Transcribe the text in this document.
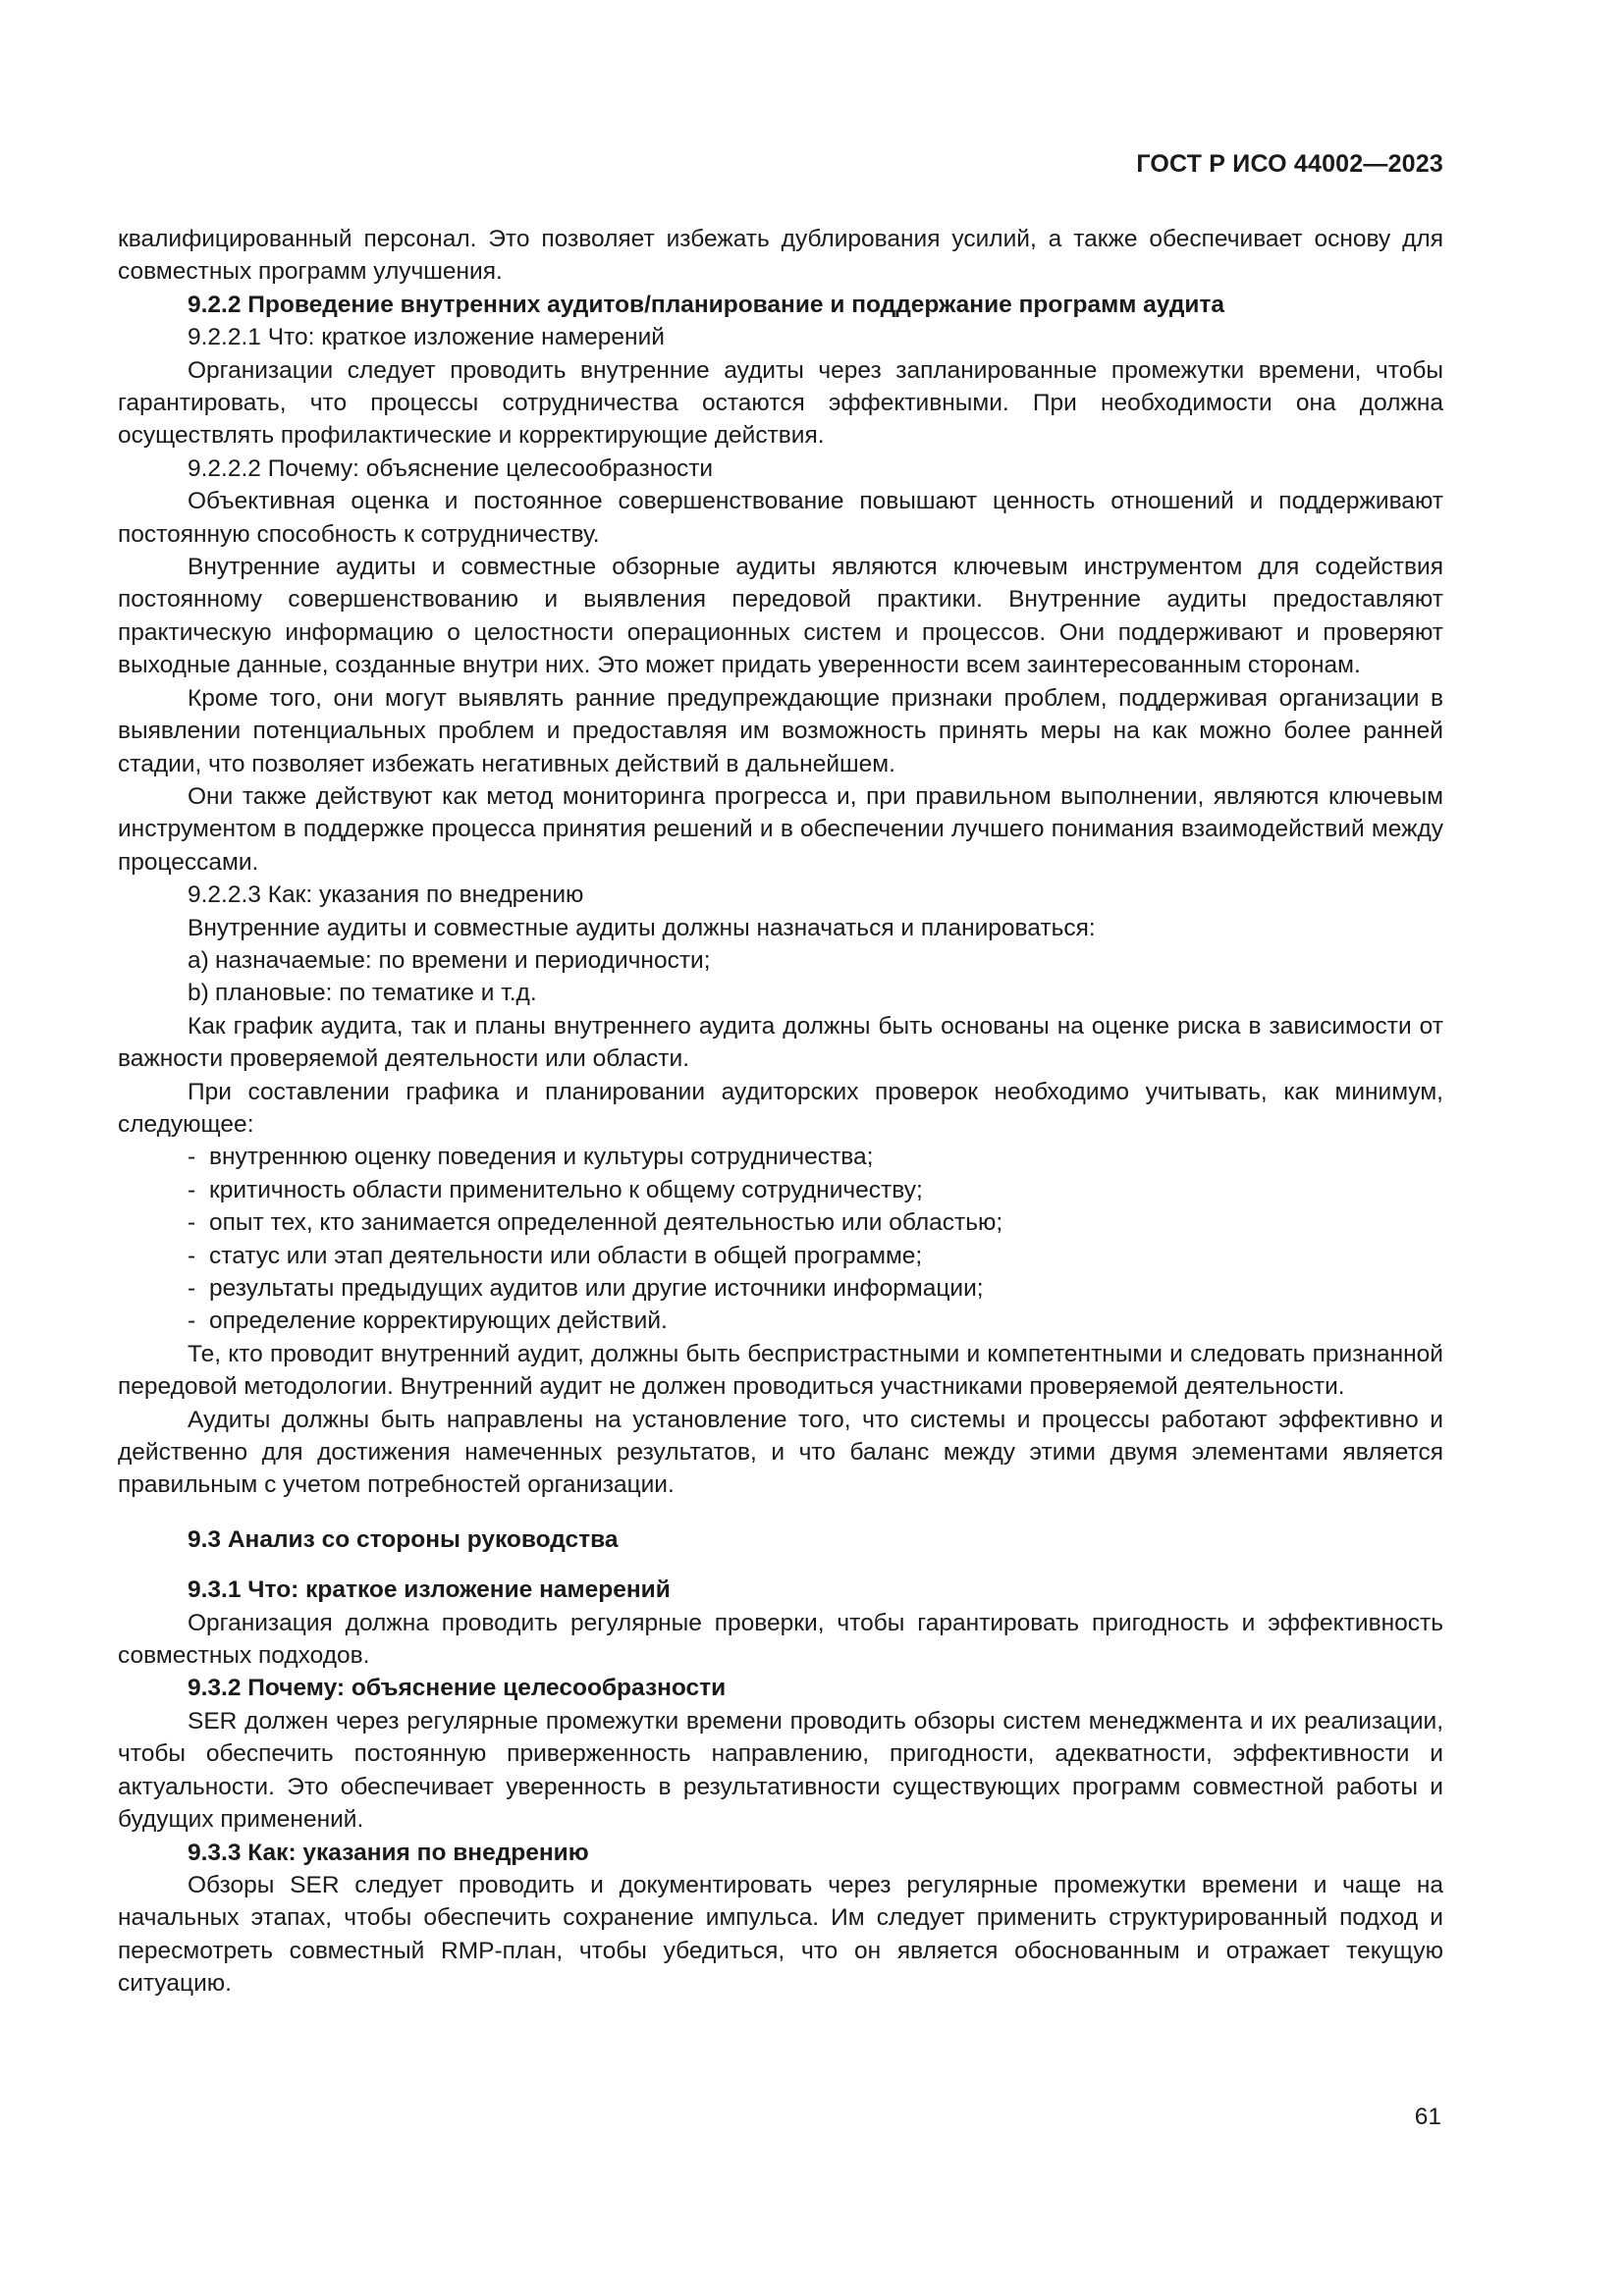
ГОСТ Р ИСО 44002—2023

квалифицированный персонал. Это позволяет избежать дублирования усилий, а также обеспечивает основу для совместных программ улучшения.

9.2.2 Проведение внутренних аудитов/планирование и поддержание программ аудита

9.2.2.1 Что: краткое изложение намерений

Организации следует проводить внутренние аудиты через запланированные промежутки времени, чтобы гарантировать, что процессы сотрудничества остаются эффективными. При необходимости она должна осуществлять профилактические и корректирующие действия.

9.2.2.2 Почему: объяснение целесообразности

Объективная оценка и постоянное совершенствование повышают ценность отношений и поддерживают постоянную способность к сотрудничеству.

Внутренние аудиты и совместные обзорные аудиты являются ключевым инструментом для содействия постоянному совершенствованию и выявления передовой практики. Внутренние аудиты предоставляют практическую информацию о целостности операционных систем и процессов. Они поддерживают и проверяют выходные данные, созданные внутри них. Это может придать уверенности всем заинтересованным сторонам.

Кроме того, они могут выявлять ранние предупреждающие признаки проблем, поддерживая организации в выявлении потенциальных проблем и предоставляя им возможность принять меры на как можно более ранней стадии, что позволяет избежать негативных действий в дальнейшем.

Они также действуют как метод мониторинга прогресса и, при правильном выполнении, являются ключевым инструментом в поддержке процесса принятия решений и в обеспечении лучшего понимания взаимодействий между процессами.

9.2.2.3 Как: указания по внедрению

Внутренние аудиты и совместные аудиты должны назначаться и планироваться:

a) назначаемые: по времени и периодичности;

b) плановые: по тематике и т.д.

Как график аудита, так и планы внутреннего аудита должны быть основаны на оценке риска в зависимости от важности проверяемой деятельности или области.

При составлении графика и планировании аудиторских проверок необходимо учитывать, как минимум, следующее:

- внутреннюю оценку поведения и культуры сотрудничества;

- критичность области применительно к общему сотрудничеству;

- опыт тех, кто занимается определенной деятельностью или областью;

- статус или этап деятельности или области в общей программе;

- результаты предыдущих аудитов или другие источники информации;

- определение корректирующих действий.

Те, кто проводит внутренний аудит, должны быть беспристрастными и компетентными и следовать признанной передовой методологии. Внутренний аудит не должен проводиться участниками проверяемой деятельности.

Аудиты должны быть направлены на установление того, что системы и процессы работают эффективно и действенно для достижения намеченных результатов, и что баланс между этими двумя элементами является правильным с учетом потребностей организации.

9.3 Анализ со стороны руководства

9.3.1 Что: краткое изложение намерений

Организация должна проводить регулярные проверки, чтобы гарантировать пригодность и эффективность совместных подходов.

9.3.2 Почему: объяснение целесообразности

SER должен через регулярные промежутки времени проводить обзоры систем менеджмента и их реализации, чтобы обеспечить постоянную приверженность направлению, пригодности, адекватности, эффективности и актуальности. Это обеспечивает уверенность в результативности существующих программ совместной работы и будущих применений.

9.3.3 Как: указания по внедрению

Обзоры SER следует проводить и документировать через регулярные промежутки времени и чаще на начальных этапах, чтобы обеспечить сохранение импульса. Им следует применить структурированный подход и пересмотреть совместный RMP-план, чтобы убедиться, что он является обоснованным и отражает текущую ситуацию.

61
